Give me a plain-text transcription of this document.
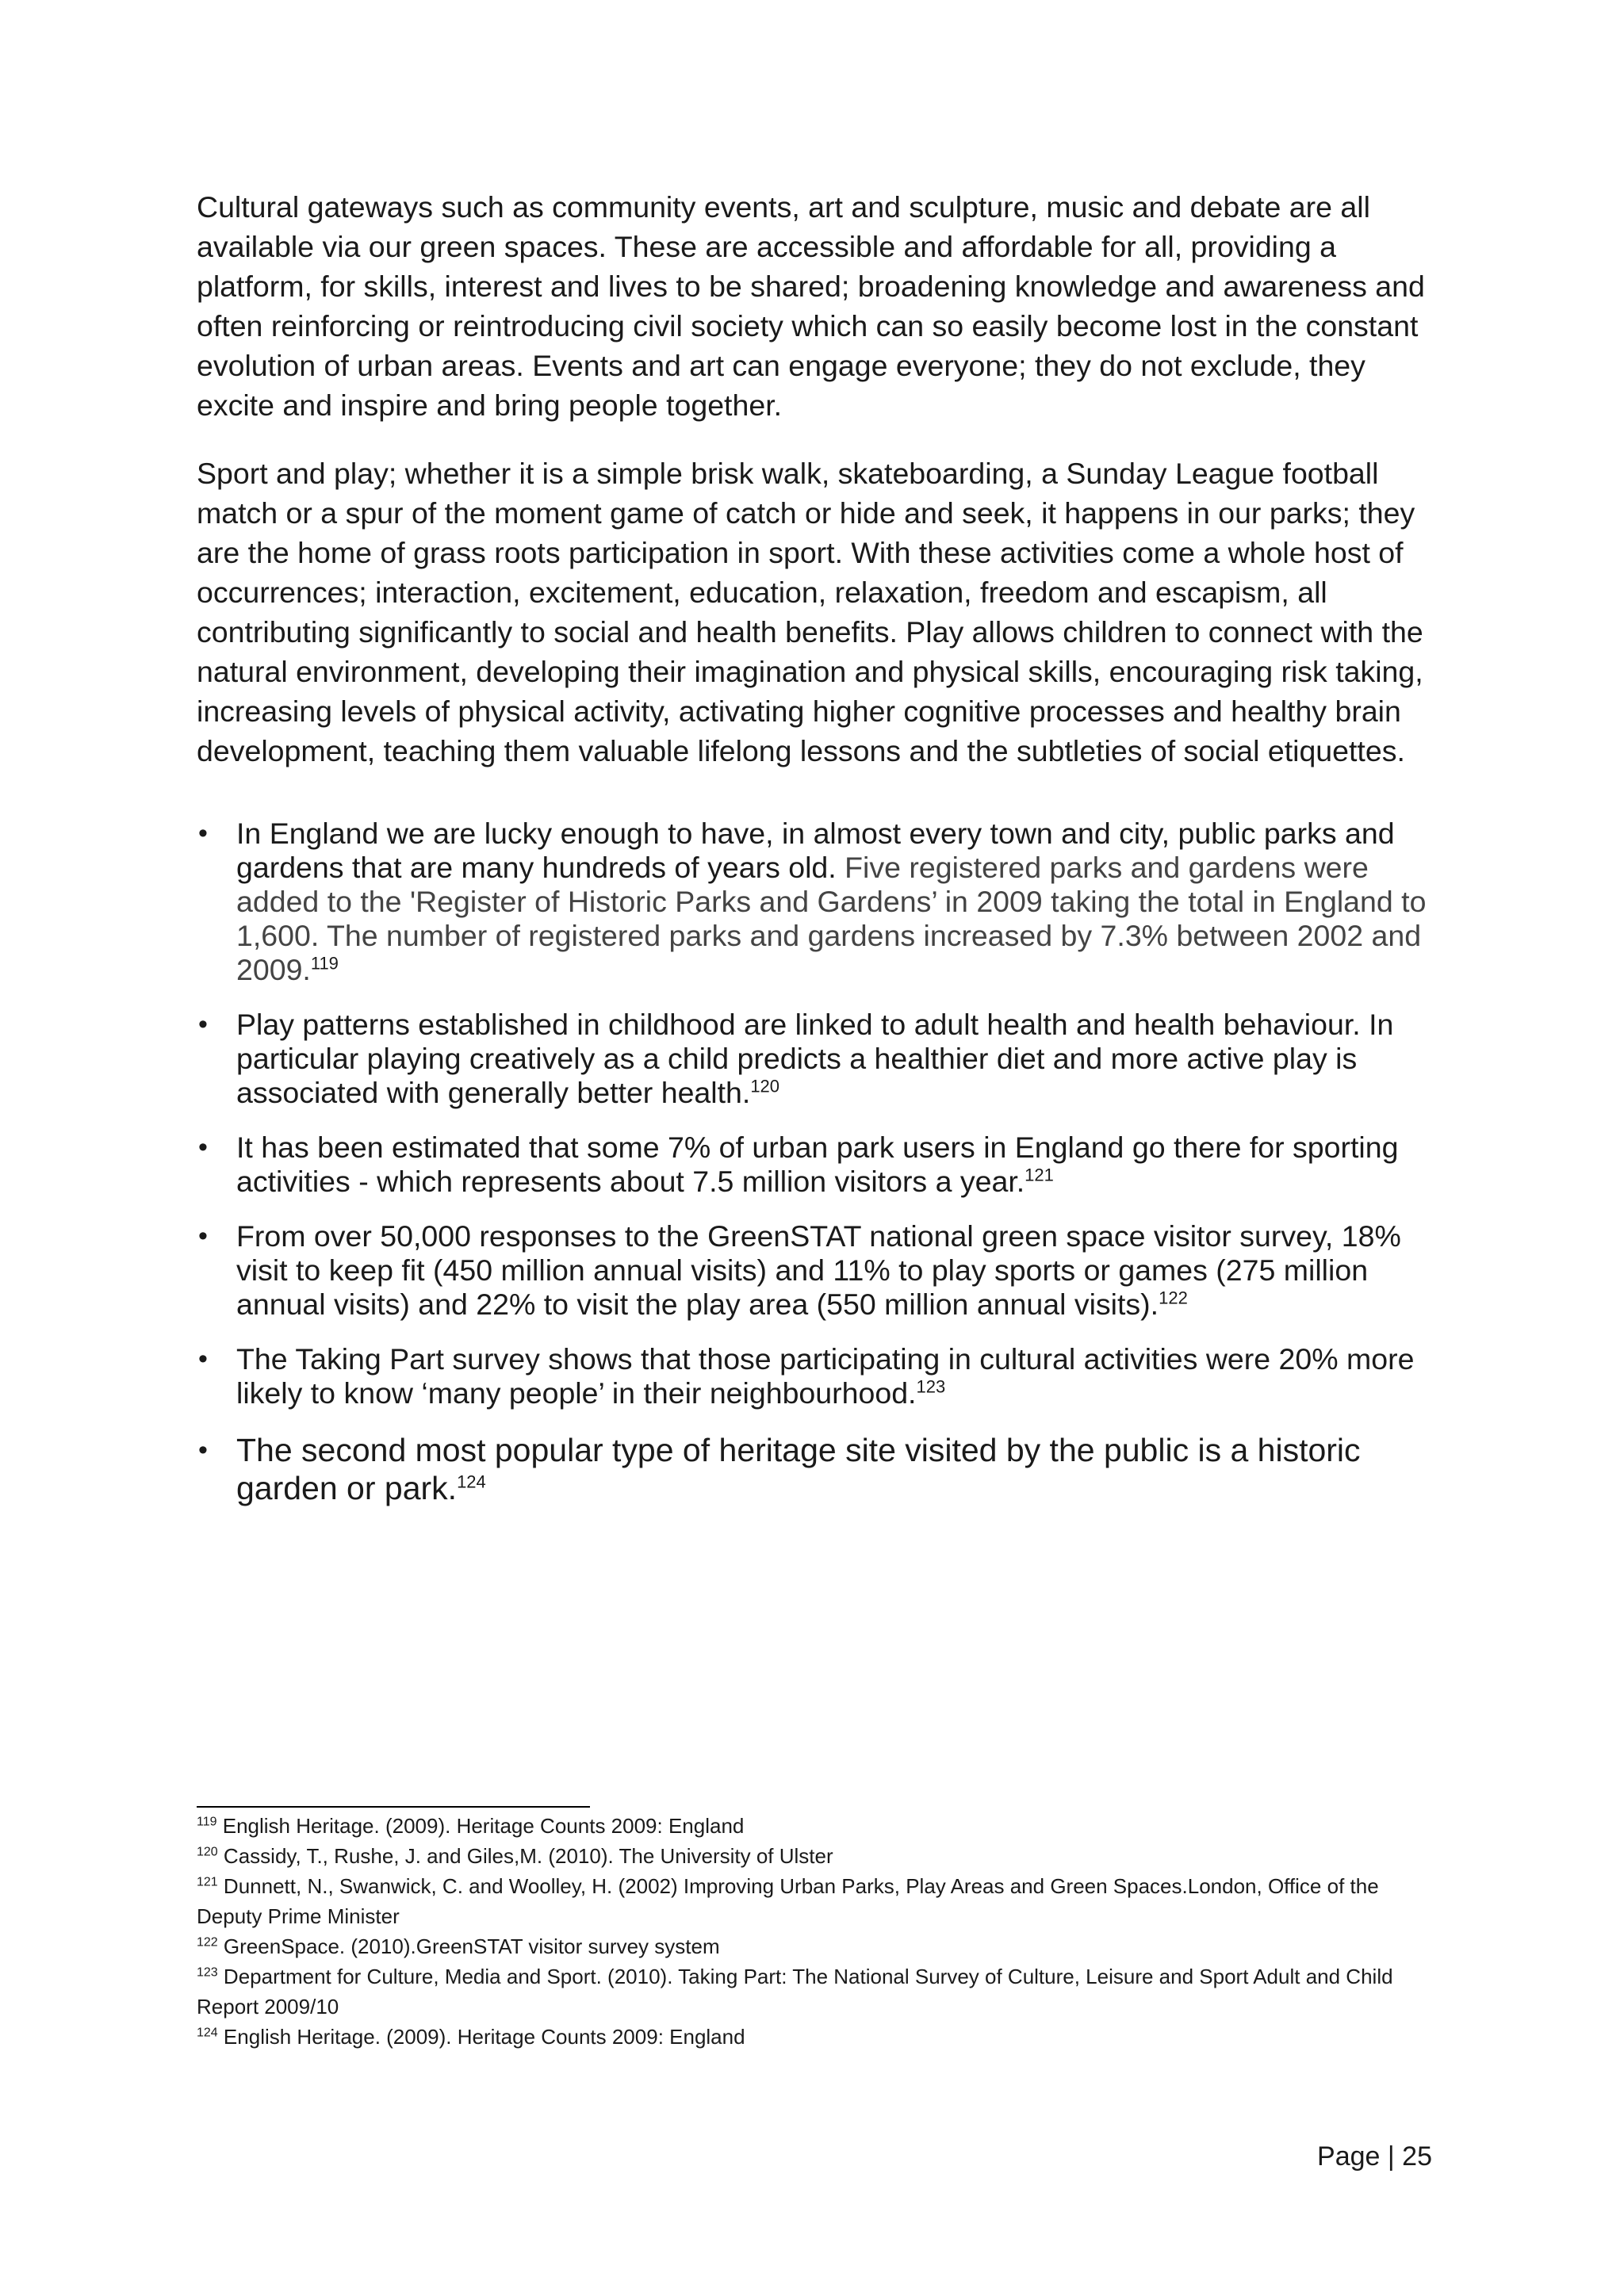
Cultural gateways such as community events, art and sculpture, music and debate are all available via our green spaces. These are accessible and affordable for all, providing a platform, for skills, interest and lives to be shared; broadening knowledge and awareness and often reinforcing or reintroducing civil society which can so easily become lost in the constant evolution of urban areas. Events and art can engage everyone; they do not exclude, they excite and inspire and bring people together.

Sport and play; whether it is a simple brisk walk, skateboarding, a Sunday League football match or a spur of the moment game of catch or hide and seek, it happens in our parks; they are the home of grass roots participation in sport. With these activities come a whole host of occurrences; interaction, excitement, education, relaxation, freedom and escapism, all contributing significantly to social and health benefits. Play allows children to connect with the natural environment, developing their imagination and physical skills, encouraging risk taking, increasing levels of physical activity, activating higher cognitive processes and healthy brain development, teaching them valuable lifelong lessons and the subtleties of social etiquettes.

• In England we are lucky enough to have, in almost every town and city, public parks and gardens that are many hundreds of years old. Five registered parks and gardens were added to the 'Register of Historic Parks and Gardens’ in 2009 taking the total in England to 1,600. The number of registered parks and gardens increased by 7.3% between 2002 and 2009.$^{119}$
• Play patterns established in childhood are linked to adult health and health behaviour. In particular playing creatively as a child predicts a healthier diet and more active play is associated with generally better health.$^{120}$
• It has been estimated that some 7% of urban park users in England go there for sporting activities - which represents about 7.5 million visitors a year.$^{121}$
• From over 50,000 responses to the GreenSTAT national green space visitor survey, 18% visit to keep fit (450 million annual visits) and 11% to play sports or games (275 million annual visits) and 22% to visit the play area (550 million annual visits).$^{122}$
• The Taking Part survey shows that those participating in cultural activities were 20% more likely to know ‘many people’ in their neighbourhood.$^{123}$
• The second most popular type of heritage site visited by the public is a historic garden or park.$^{124}$

$^{119}$ English Heritage. (2009). Heritage Counts 2009: England

$^{120}$ Cassidy, T., Rushe, J. and Giles,M. (2010). The University of Ulster

$^{121}$ Dunnett, N., Swanwick, C. and Woolley, H. (2002) Improving Urban Parks, Play Areas and Green Spaces.London, Office of the Deputy Prime Minister

$^{122}$ GreenSpace. (2010).GreenSTAT visitor survey system

$^{123}$ Department for Culture, Media and Sport. (2010). Taking Part: The National Survey of Culture, Leisure and Sport Adult and Child Report 2009/10

$^{124}$ English Heritage. (2009). Heritage Counts 2009: England

Page | 25
